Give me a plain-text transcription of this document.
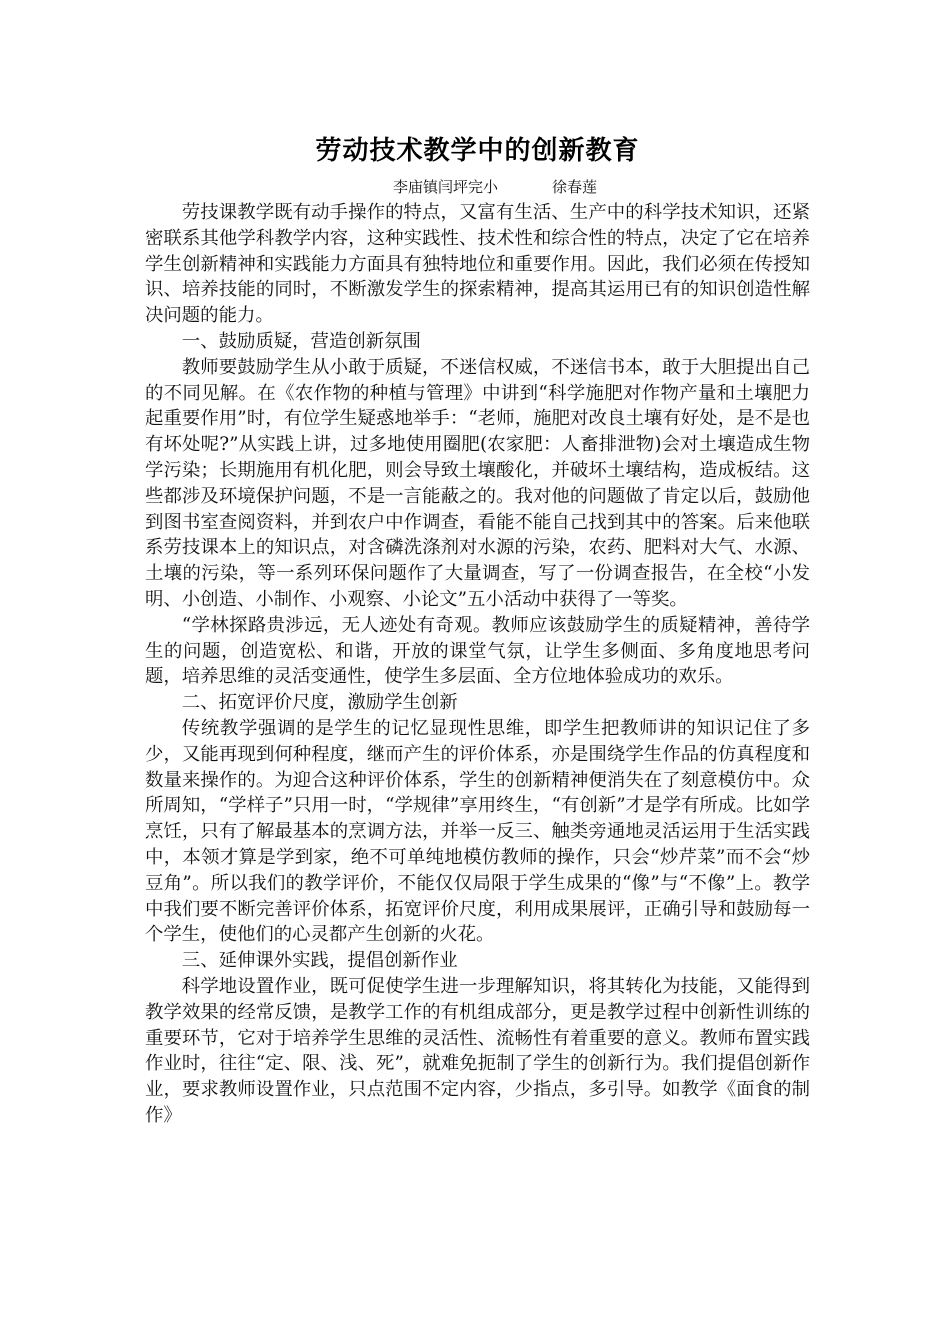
劳动技术教学中的创新教育
李庙镇闫坪完小	徐春莲

劳技课教学既有动手操作的特点，又富有生活、生产中的科学技术知识，还紧密联系其他学科教学内容，这种实践性、技术性和综合性的特点，决定了它在培养学生创新精神和实践能力方面具有独特地位和重要作用。因此，我们必须在传授知识、培养技能的同时，不断激发学生的探索精神，提高其运用已有的知识创造性解决问题的能力。

一、鼓励质疑，营造创新氛围

教师要鼓励学生从小敢于质疑，不迷信权威，不迷信书本，敢于大胆提出自己的不同见解。在《农作物的种植与管理》中讲到“科学施肥对作物产量和土壤肥力起重要作用”时，有位学生疑惑地举手：“老师，施肥对改良土壤有好处，是不是也有坏处呢?”从实践上讲，过多地使用圈肥(农家肥：人畜排泄物)会对土壤造成生物学污染；长期施用有机化肥，则会导致土壤酸化，并破坏土壤结构，造成板结。这些都涉及环境保护问题，不是一言能蔽之的。我对他的问题做了肯定以后，鼓励他到图书室查阅资料，并到农户中作调查，看能不能自己找到其中的答案。后来他联系劳技课本上的知识点，对含磷洗涤剂对水源的污染，农药、肥料对大气、水源、土壤的污染，等一系列环保问题作了大量调查，写了一份调查报告，在全校“小发明、小创造、小制作、小观察、小论文”五小活动中获得了一等奖。

“学林探路贵涉远，无人迹处有奇观。教师应该鼓励学生的质疑精神，善待学生的问题，创造宽松、和谐，开放的课堂气氛，让学生多侧面、多角度地思考问题，培养思维的灵活变通性，使学生多层面、全方位地体验成功的欢乐。

二、拓宽评价尺度，激励学生创新

传统教学强调的是学生的记忆显现性思维，即学生把教师讲的知识记住了多少，又能再现到何种程度，继而产生的评价体系，亦是围绕学生作品的仿真程度和数量来操作的。为迎合这种评价体系，学生的创新精神便消失在了刻意模仿中。众所周知，“学样子”只用一时，“学规律”享用终生，“有创新”才是学有所成。比如学烹饪，只有了解最基本的烹调方法，并举一反三、触类旁通地灵活运用于生活实践中，本领才算是学到家，绝不可单纯地模仿教师的操作，只会“炒芹菜”而不会“炒豆角”。所以我们的教学评价，不能仅仅局限于学生成果的“像”与“不像”上。教学中我们要不断完善评价体系，拓宽评价尺度，利用成果展评，正确引导和鼓励每一个学生，使他们的心灵都产生创新的火花。

三、延伸课外实践，提倡创新作业

科学地设置作业，既可促使学生进一步理解知识，将其转化为技能，又能得到教学效果的经常反馈，是教学工作的有机组成部分，更是教学过程中创新性训练的重要环节，它对于培养学生思维的灵活性、流畅性有着重要的意义。教师布置实践作业时，往往“定、限、浅、死”，就难免扼制了学生的创新行为。我们提倡创新作业，要求教师设置作业，只点范围不定内容，少指点，多引导。如教学《面食的制作》
